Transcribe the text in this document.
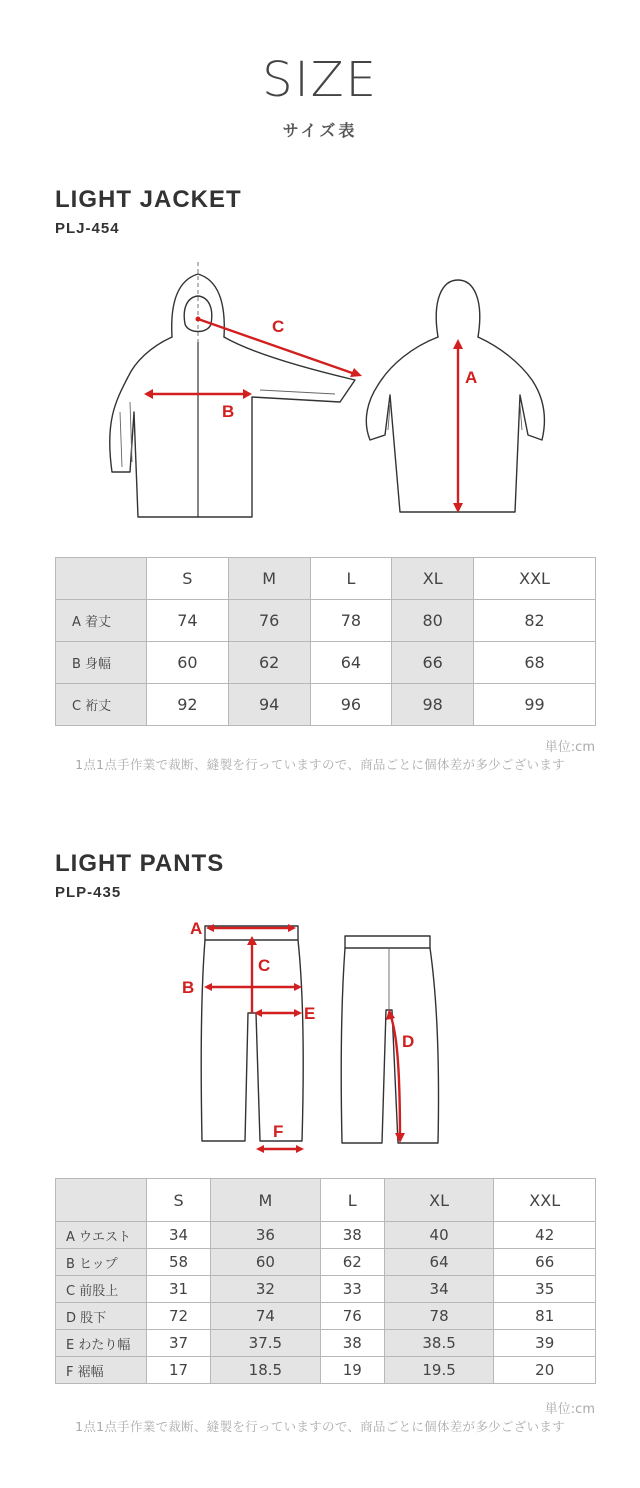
SIZE
サイズ表
LIGHT JACKET
PLJ-454
C
B
A
	S	M	L	XL	XXL
A 着丈	74	76	78	80	82
B 身幅	60	62	64	66	68
C 裄丈	92	94	96	98	99
単位:cm
1点1点手作業で裁断、縫製を行っていますので、商品ごとに個体差が多少ございます
LIGHT PANTS
PLP-435
A
C
B
E
F
D
	S	M	L	XL	XXL
A ウエスト	34	36	38	40	42
B ヒップ	58	60	62	64	66
C 前股上	31	32	33	34	35
D 股下	72	74	76	78	81
E わたり幅	37	37.5	38	38.5	39
F 裾幅	17	18.5	19	19.5	20
単位:cm
1点1点手作業で裁断、縫製を行っていますので、商品ごとに個体差が多少ございます
